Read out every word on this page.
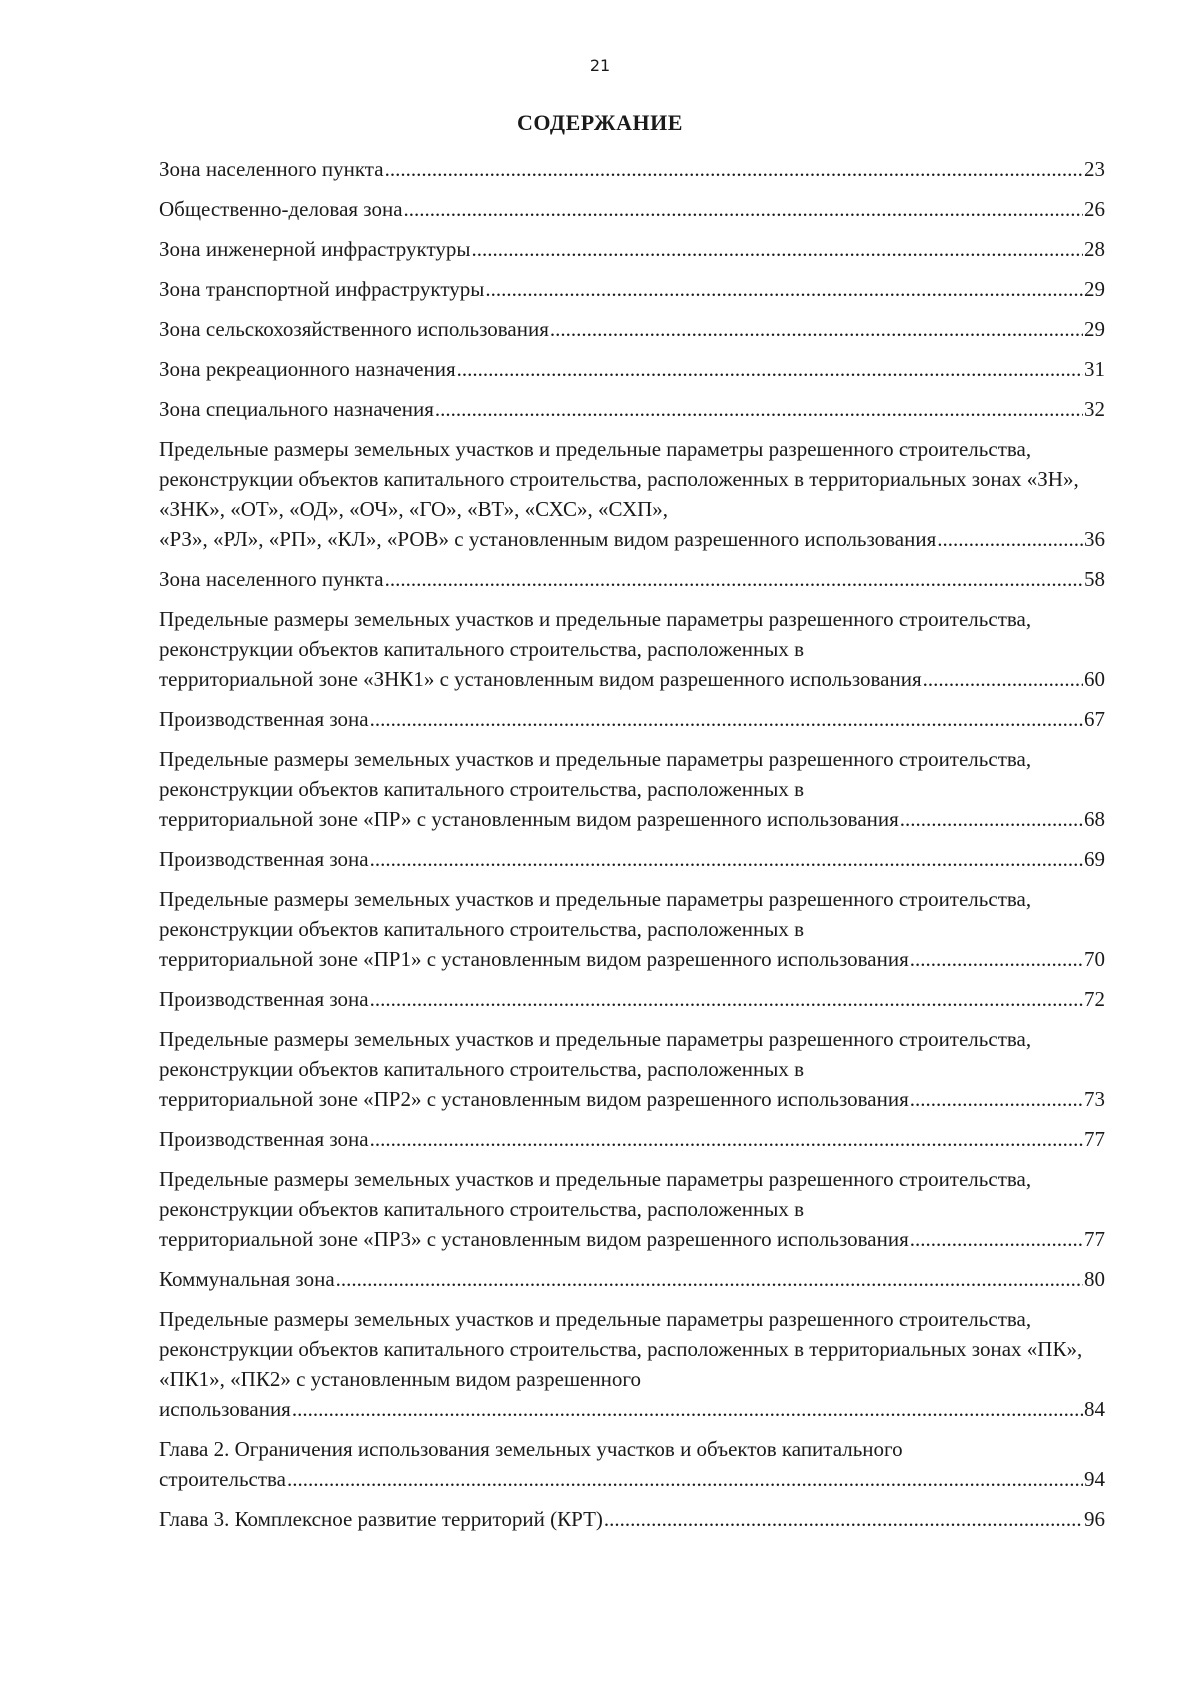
21
СОДЕРЖАНИЕ
Зона населенного пункта .....	23
Общественно-деловая зона .....	26
Зона инженерной инфраструктуры .....	28
Зона транспортной инфраструктуры .....	29
Зона сельскохозяйственного использования .....	29
Зона рекреационного назначения .....	31
Зона специального назначения .....	32
Предельные размеры земельных участков и предельные параметры разрешенного строительства, реконструкции объектов капитального строительства, расположенных в территориальных зонах «ЗН», «ЗНК», «ОТ», «ОД», «ОЧ», «ГО», «ВТ», «СХС», «СХП»,
«РЗ», «РЛ», «РП», «КЛ», «РОВ» с установленным видом разрешенного использования .....	36
Зона населенного пункта .....	58
Предельные размеры земельных участков и предельные параметры разрешенного строительства, реконструкции объектов капитального строительства, расположенных в
территориальной зоне «ЗНК1» с установленным видом разрешенного использования .....	60
Производственная зона .....	67
Предельные размеры земельных участков и предельные параметры разрешенного строительства, реконструкции объектов капитального строительства, расположенных в
территориальной зоне «ПР» с установленным видом разрешенного использования .....	68
Производственная зона .....	69
Предельные размеры земельных участков и предельные параметры разрешенного строительства, реконструкции объектов капитального строительства, расположенных в
территориальной зоне «ПР1» с установленным видом разрешенного использования .....	70
Производственная зона .....	72
Предельные размеры земельных участков и предельные параметры разрешенного строительства, реконструкции объектов капитального строительства, расположенных в
территориальной зоне «ПР2» с установленным видом разрешенного использования .....	73
Производственная зона .....	77
Предельные размеры земельных участков и предельные параметры разрешенного строительства, реконструкции объектов капитального строительства, расположенных в
территориальной зоне «ПР3» с установленным видом разрешенного использования .....	77
Коммунальная зона .....	80
Предельные размеры земельных участков и предельные параметры разрешенного строительства, реконструкции объектов капитального строительства, расположенных в территориальных зонах «ПК», «ПК1», «ПК2» с установленным видом разрешенного
использования .....	84
Глава 2. Ограничения использования земельных участков и объектов капитального
строительства .....	94
Глава 3. Комплексное развитие территорий (КРТ) .....	96
